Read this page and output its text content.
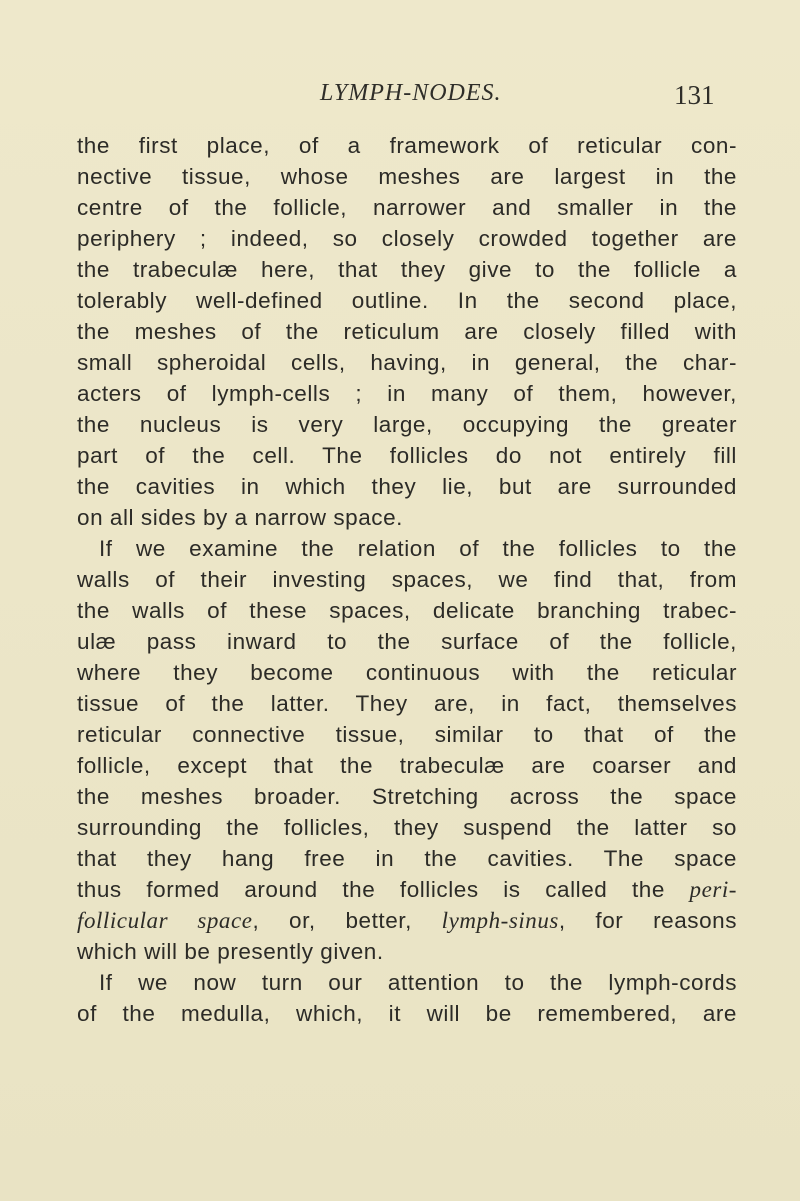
LYMPH-NODES.	131
the first place, of a framework of reticular con-
nective tissue, whose meshes are largest in the
centre of the follicle, narrower and smaller in the
periphery ; indeed, so closely crowded together are
the trabeculæ here, that they give to the follicle a
tolerably well-defined outline. In the second place,
the meshes of the reticulum are closely filled with
small spheroidal cells, having, in general, the char-
acters of lymph-cells ; in many of them, however,
the nucleus is very large, occupying the greater
part of the cell. The follicles do not entirely fill
the cavities in which they lie, but are surrounded
on all sides by a narrow space.
If we examine the relation of the follicles to the
walls of their investing spaces, we find that, from
the walls of these spaces, delicate branching trabec-
ulæ pass inward to the surface of the follicle,
where they become continuous with the reticular
tissue of the latter. They are, in fact, themselves
reticular connective tissue, similar to that of the
follicle, except that the trabeculæ are coarser and
the meshes broader. Stretching across the space
surrounding the follicles, they suspend the latter so
that they hang free in the cavities. The space
thus formed around the follicles is called the peri-
follicular space, or, better, lymph-sinus, for reasons
which will be presently given.
If we now turn our attention to the lymph-cords
of the medulla, which, it will be remembered, are
